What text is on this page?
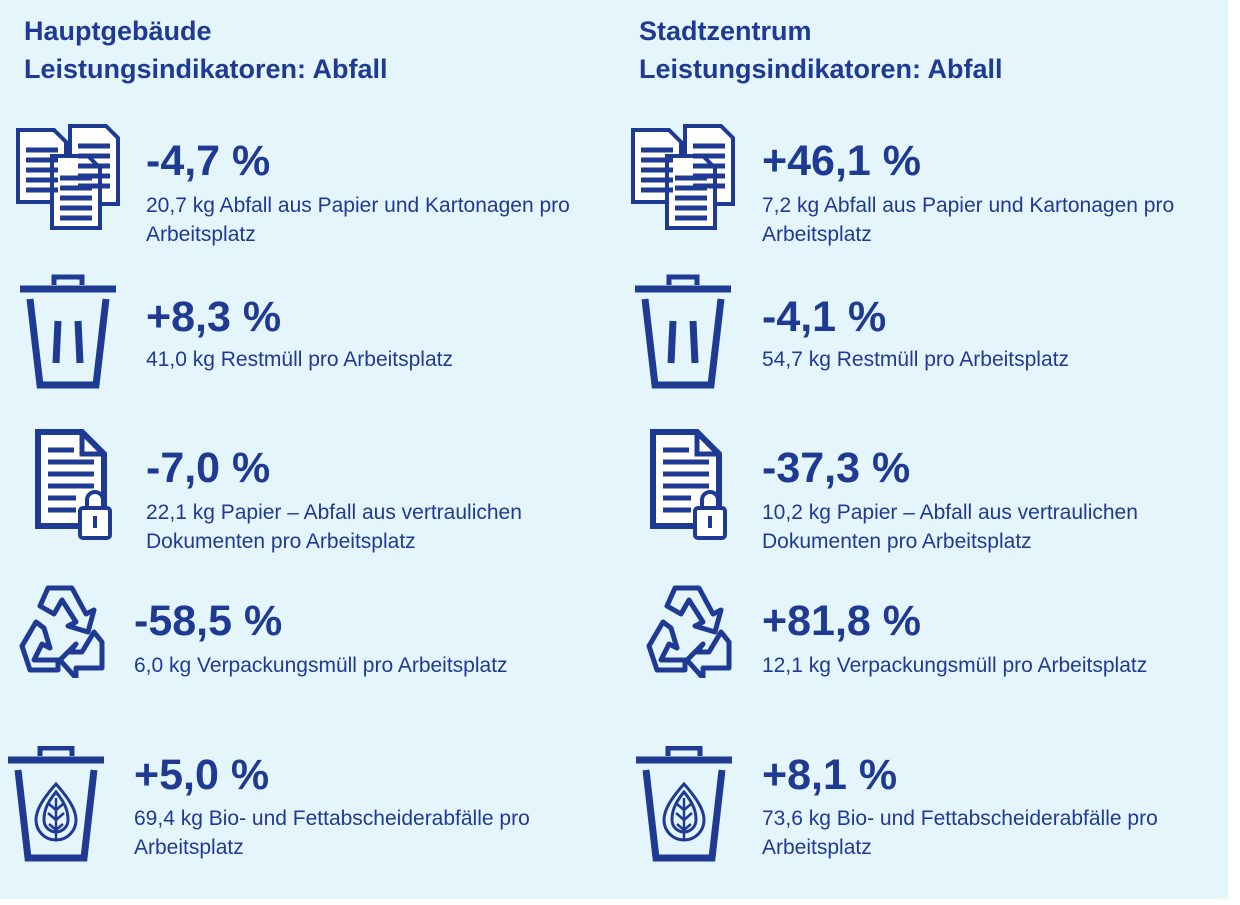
Hauptgebäude
Leistungsindikatoren: Abfall
-4,7 %
20,7 kg Abfall aus Papier und Kartonagen pro Arbeitsplatz
+8,3 %
41,0 kg Restmüll pro Arbeitsplatz
-7,0 %
22,1 kg Papier – Abfall aus vertraulichen Dokumenten pro Arbeitsplatz
-58,5 %
6,0 kg Verpackungsmüll pro Arbeitsplatz
+5,0 %
69,4 kg Bio- und Fettabscheiderabfälle pro Arbeitsplatz
Stadtzentrum
Leistungsindikatoren: Abfall
+46,1 %
7,2 kg Abfall aus Papier und Kartonagen pro Arbeitsplatz
-4,1 %
54,7 kg Restmüll pro Arbeitsplatz
-37,3 %
10,2 kg Papier – Abfall aus vertraulichen Dokumenten pro Arbeitsplatz
+81,8 %
12,1 kg Verpackungsmüll pro Arbeitsplatz
+8,1 %
73,6 kg Bio- und Fettabscheiderabfälle pro Arbeitsplatz
